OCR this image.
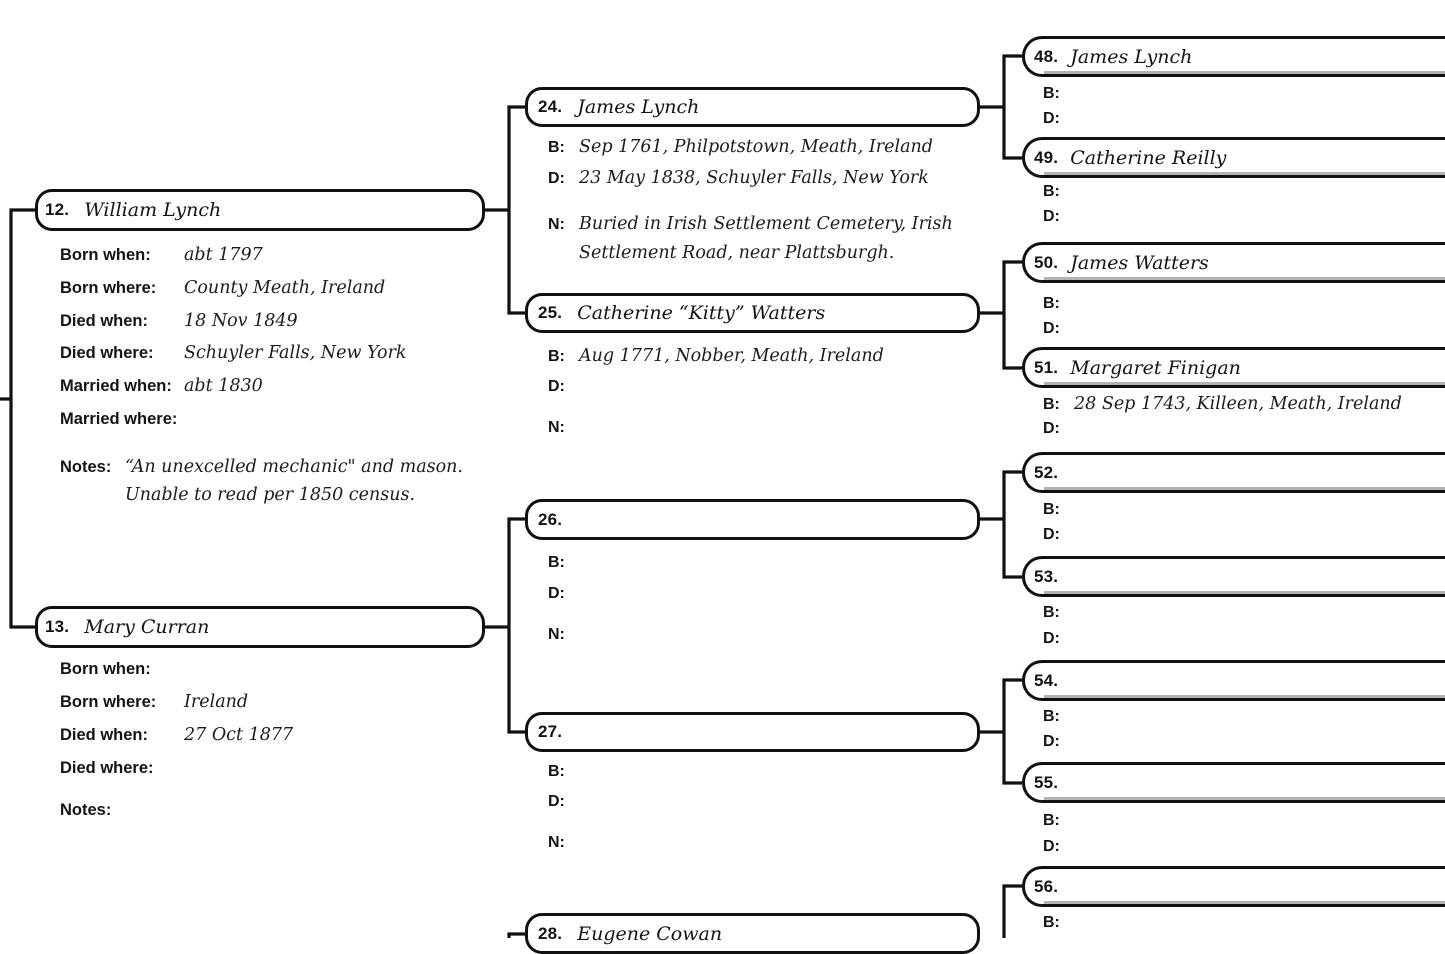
12. William Lynch
Born when:	abt 1797
Born where:	County Meath, Ireland
Died when:	18 Nov 1849
Died where:	Schuyler Falls, New York
Married when: abt 1830
Married where:
Notes: “An unexcelled mechanic" and mason.
Unable to read per 1850 census.
13. Mary Curran
Born when:
Born where:	Ireland
Died when:	27 Oct 1877
Died where:
Notes:
24. James Lynch
B: Sep 1761, Philpotstown, Meath, Ireland
D: 23 May 1838, Schuyler Falls, New York
N: Buried in Irish Settlement Cemetery, Irish
Settlement Road, near Plattsburgh.
25. Catherine “Kitty” Watters
B: Aug 1771, Nobber, Meath, Ireland
D:
N:
26.
B:
D:
N:
27.
B:
D:
N:
28. Eugene Cowan
48. James Lynch
B:
D:
49. Catherine Reilly
B:
D:
50. James Watters
B:
D:
51. Margaret Finigan
B: 28 Sep 1743, Killeen, Meath, Ireland
D:
52.
B:
D:
53.
B:
D:
54.
B:
D:
55.
B:
D:
56.
B:
